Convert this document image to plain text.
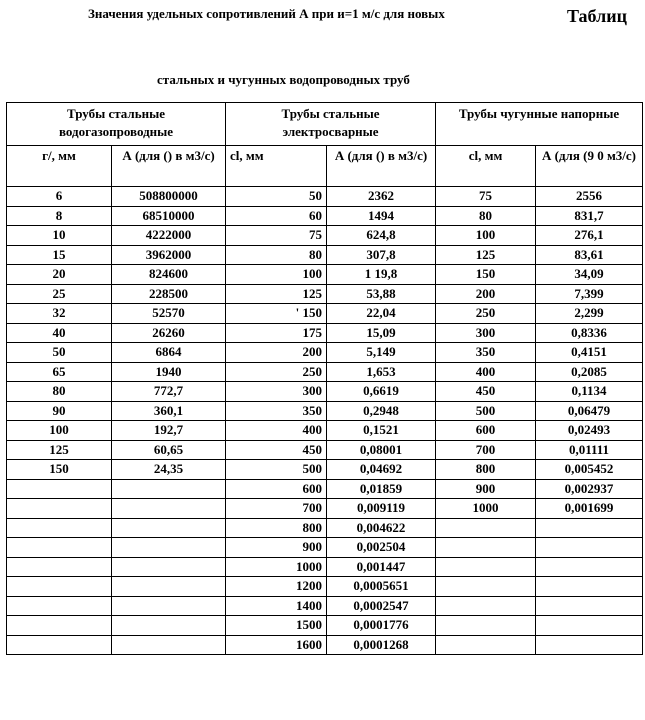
Значения удельных сопротивлений А при и=1 м/с для новых	Таблиц
стальных и чугунных водопроводных труб
Трубы стальные водогазопроводные		Трубы стальные электросварные		Трубы чугунные напорные	
г/, мм	А (для () в м3/с)	cl, мм	А (для () в м3/с)	cl, мм	А (для (9 0 м3/с)
6	508800000	50	2362	75	2556
8	68510000	60	1494	80	831,7
10	4222000	75	624,8	100	276,1
15	3962000	80	307,8	125	83,61
20	824600	100	1 19,8	150	34,09
25	228500	125	53,88	200	7,399
32	52570	' 150	22,04	250	2,299
40	26260	175	15,09	300	0,8336
50	6864	200	5,149	350	0,4151
65	1940	250	1,653	400	0,2085
80	772,7	300	0,6619	450	0,1134
90	360,1	350	0,2948	500	0,06479
100	192,7	400	0,1521	600	0,02493
125	60,65	450	0,08001	700	0,01111
150	24,35	500	0,04692	800	0,005452
		600	0,01859	900	0,002937
		700	0,009119	1000	0,001699
		800	0,004622		
		900	0,002504		
		1000	0,001447		
		1200	0,0005651		
		1400	0,0002547		
		1500	0,0001776		
		1600	0,0001268		
